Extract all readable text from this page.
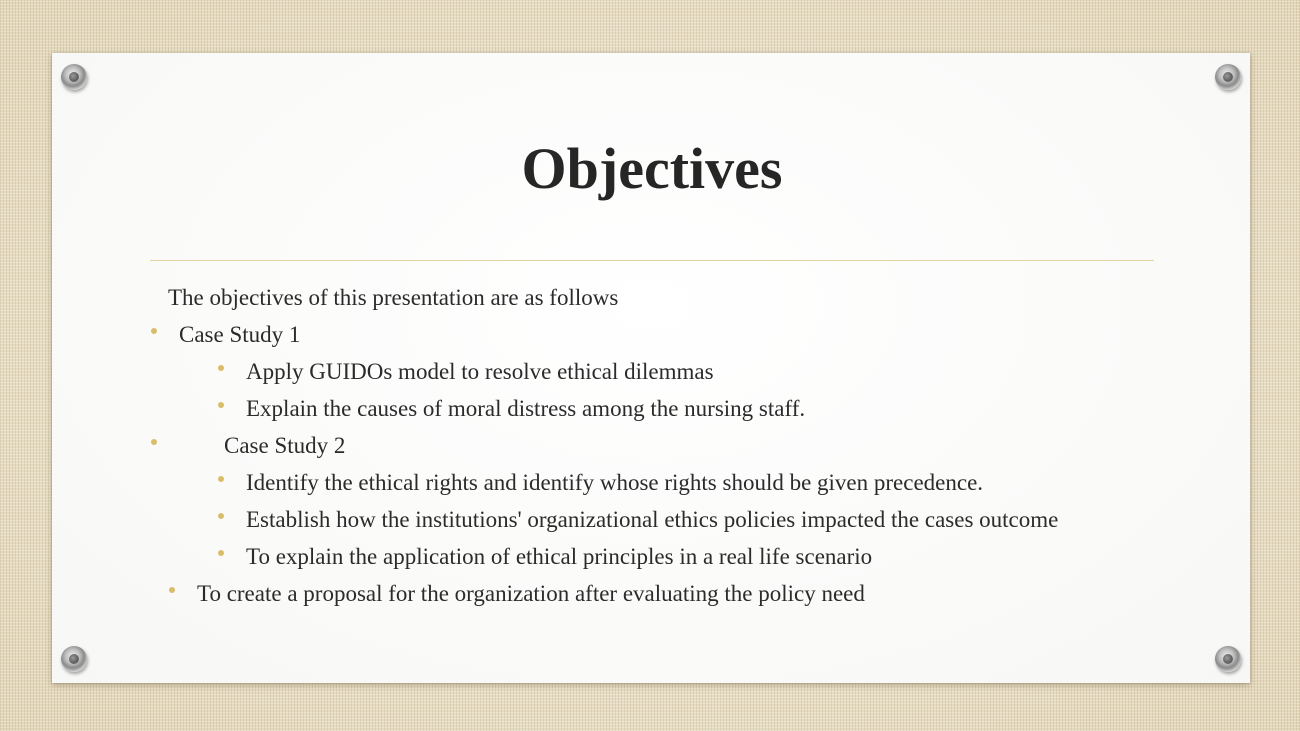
Objectives
The objectives of this presentation are as follows
Case Study 1
Apply GUIDOs model to resolve ethical dilemmas
Explain the causes of moral distress among the nursing staff.
Case Study 2
Identify the ethical rights and identify whose rights should be given precedence.
Establish how the institutions' organizational ethics policies impacted the cases outcome
To explain the application of ethical principles in a real life scenario
To create a proposal for the organization after evaluating the policy need
